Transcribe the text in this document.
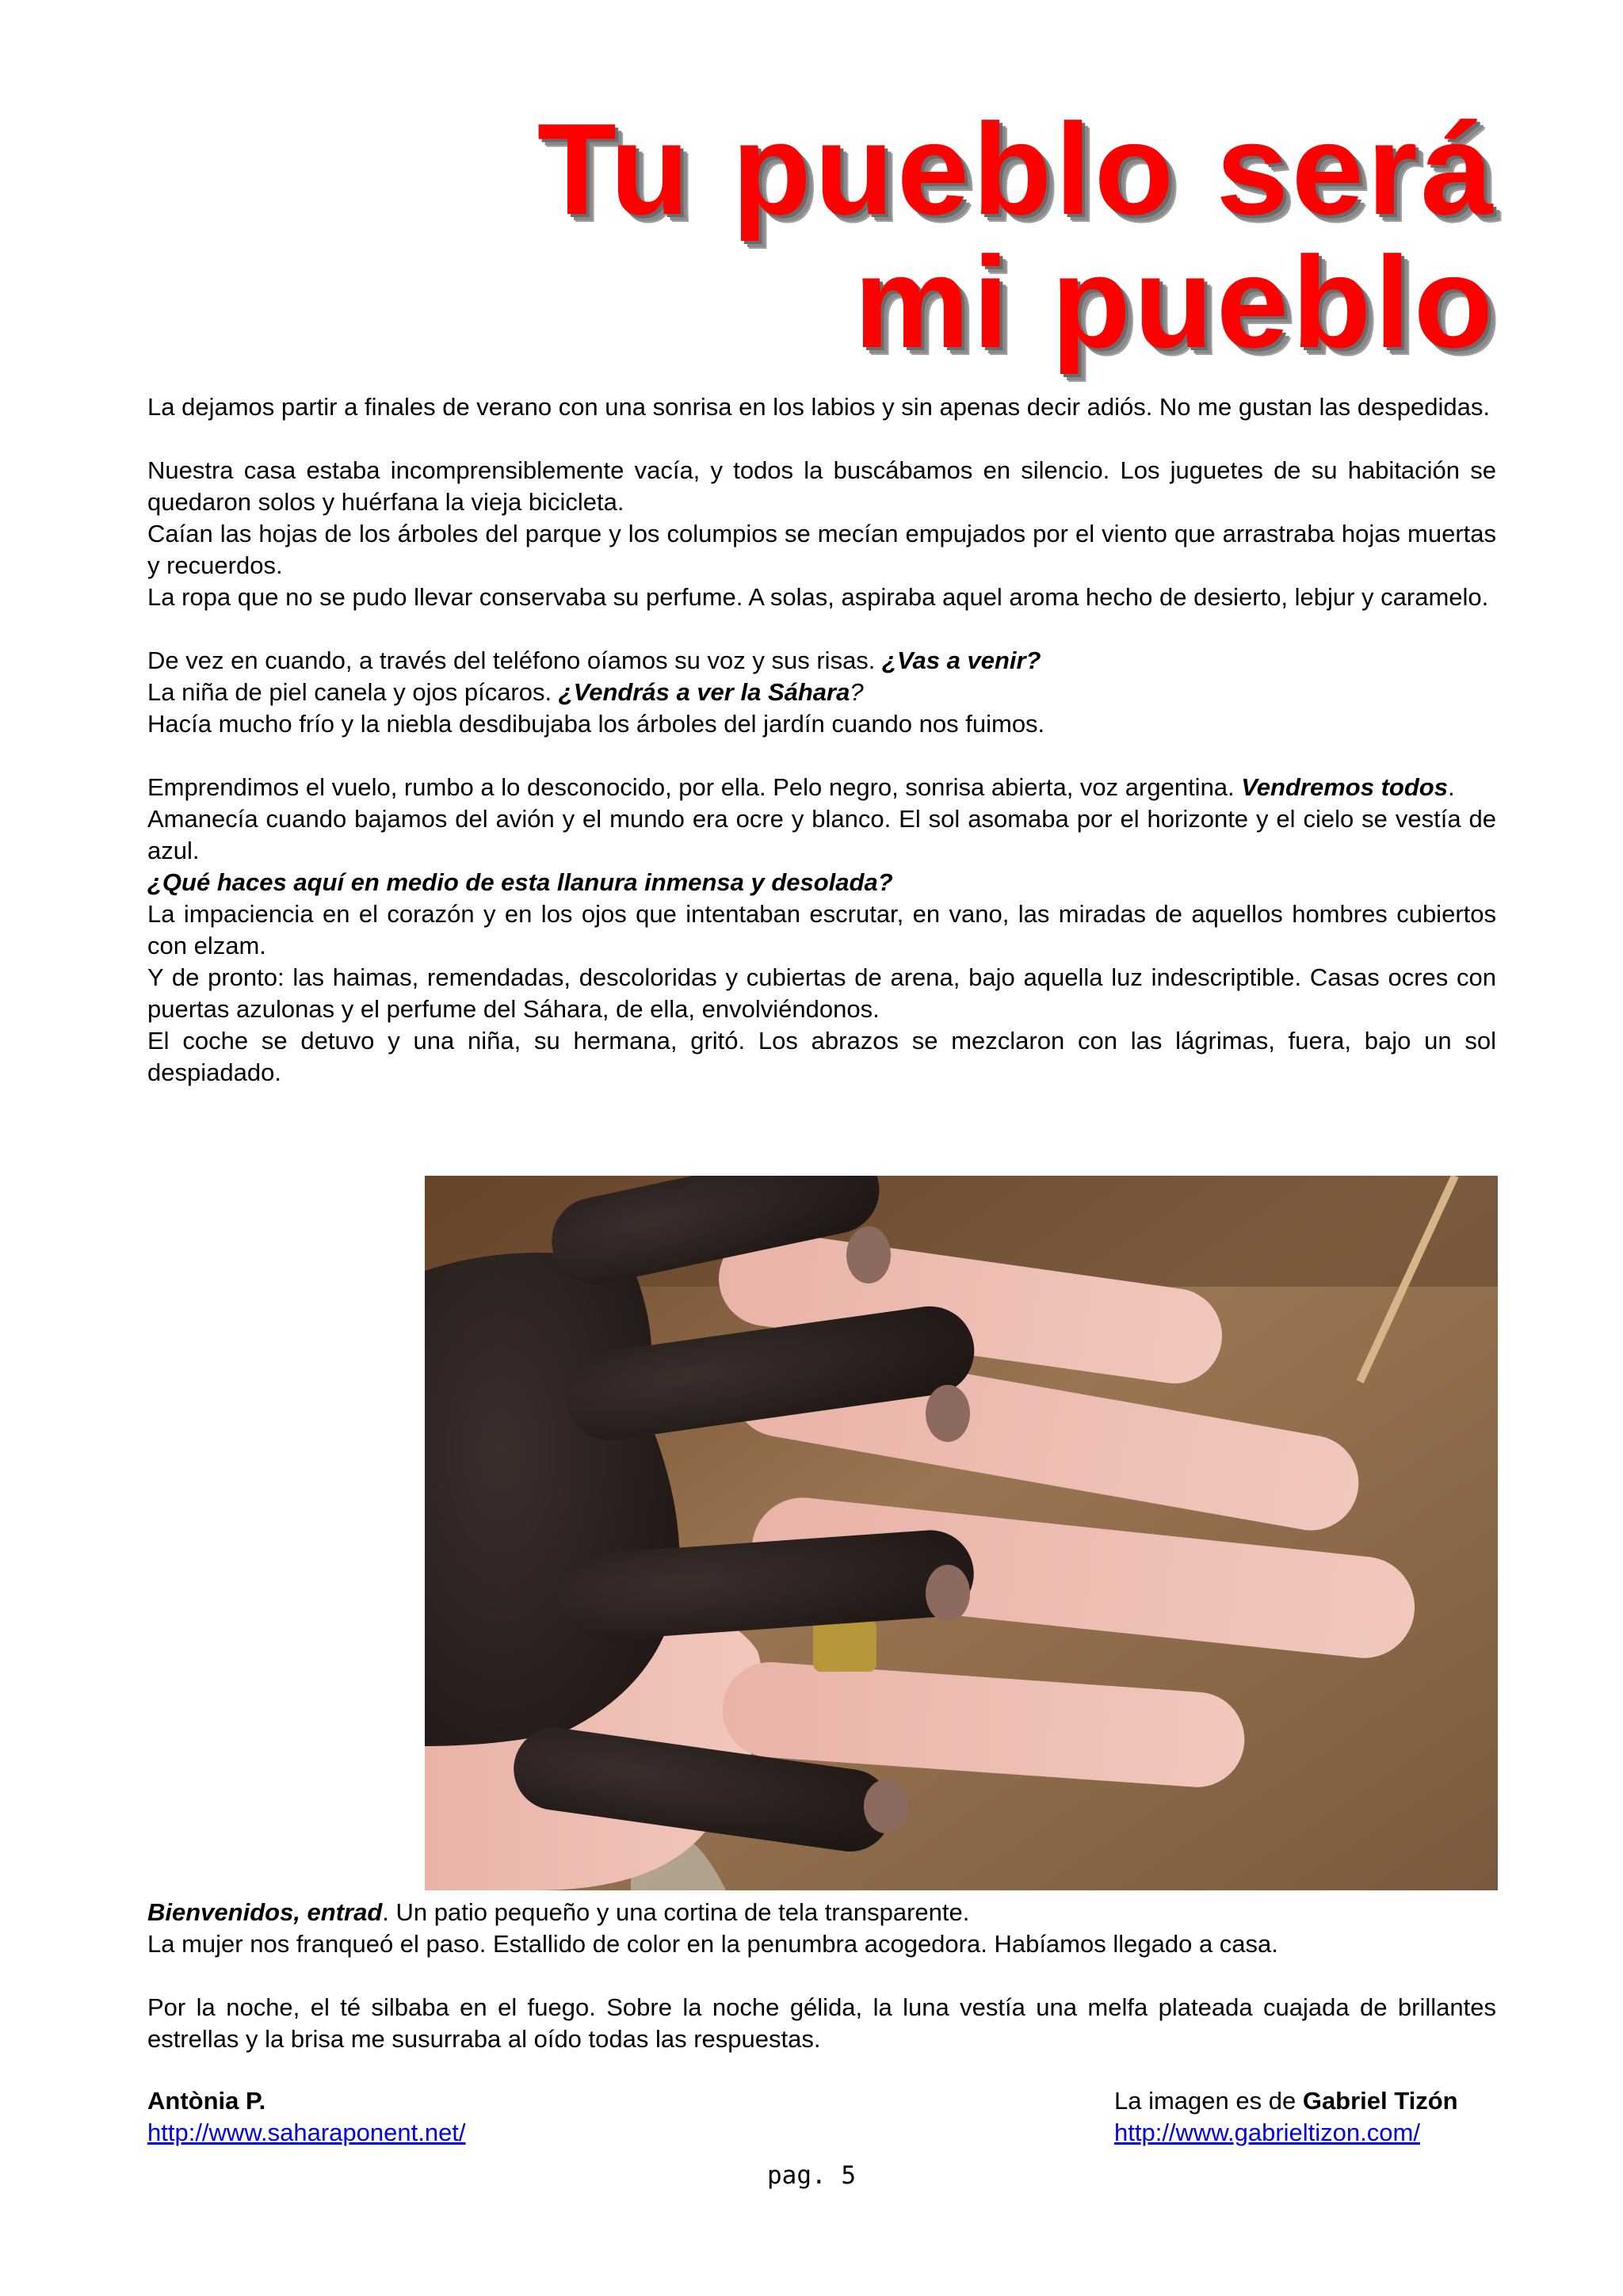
Tu pueblo será
mi pueblo

La dejamos partir a finales de verano con una sonrisa en los labios y sin apenas decir adiós. No me gustan las despedidas.

Nuestra casa estaba incomprensiblemente vacía, y todos la buscábamos en silencio. Los juguetes de su habitación se quedaron solos y huérfana la vieja bicicleta.

Caían las hojas de los árboles del parque y los columpios se mecían empujados por el viento que arrastraba hojas muertas y recuerdos.

La ropa que no se pudo llevar conservaba su perfume. A solas, aspiraba aquel aroma hecho de desierto, lebjur y caramelo.

De vez en cuando, a través del teléfono oíamos su voz y sus risas. ¿Vas a venir?

La niña de piel canela y ojos pícaros. ¿Vendrás a ver la Sáhara?

Hacía mucho frío y la niebla desdibujaba los árboles del jardín cuando nos fuimos.

Emprendimos el vuelo, rumbo a lo desconocido, por ella. Pelo negro, sonrisa abierta, voz argentina. Vendremos todos.

Amanecía cuando bajamos del avión y el mundo era ocre y blanco. El sol asomaba por el horizonte y el cielo se vestía de azul.

¿Qué haces aquí en medio de esta llanura inmensa y desolada?

La impaciencia en el corazón y en los ojos que intentaban escrutar, en vano, las miradas de aquellos hombres cubiertos con elzam.

Y de pronto: las haimas, remendadas, descoloridas y cubiertas de arena, bajo aquella luz indescriptible. Casas ocres con puertas azulonas y el perfume del Sáhara, de ella, envolviéndonos.

El coche se detuvo y una niña, su hermana, gritó. Los abrazos se mezclaron con las lágrimas, fuera, bajo un sol despiadado.

Bienvenidos, entrad. Un patio pequeño y una cortina de tela transparente.

La mujer nos franqueó el paso. Estallido de color en la penumbra acogedora. Habíamos llegado a casa.

Por la noche, el té silbaba en el fuego. Sobre la noche gélida, la luna vestía una melfa plateada cuajada de brillantes estrellas y la brisa me susurraba al oído todas las respuestas.

Antònia P.
http://www.saharaponent.net/
La imagen es de Gabriel Tizón
http://www.gabrieltizon.com/
pag. 5
